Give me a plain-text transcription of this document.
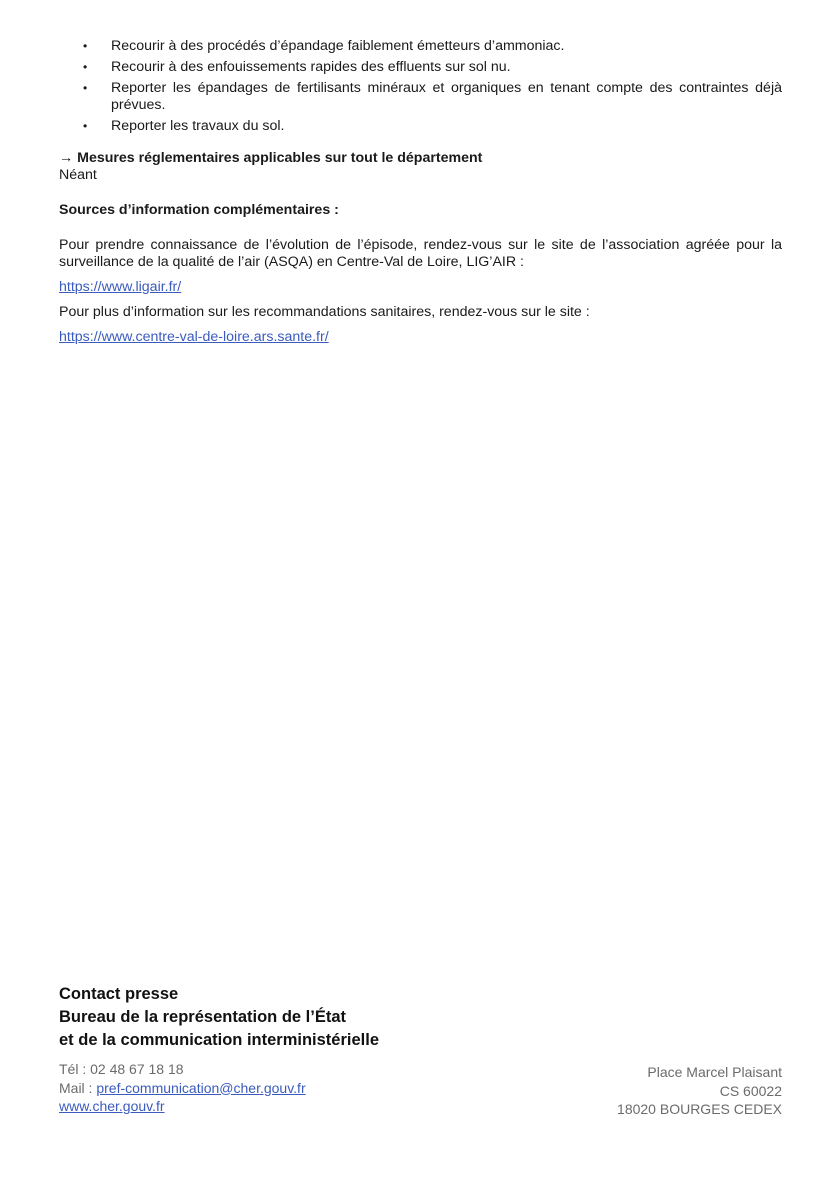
• Recourir à des procédés d’épandage faiblement émetteurs d’ammoniac.
• Recourir à des enfouissements rapides des effluents sur sol nu.
• Reporter les épandages de fertilisants minéraux et organiques en tenant compte des contraintes déjà prévues.
• Reporter les travaux du sol.
→ Mesures réglementaires applicables sur tout le département
Néant
Sources d’information complémentaires :
Pour prendre connaissance de l’évolution de l’épisode, rendez-vous sur le site de l’association agréée pour la surveillance de la qualité de l’air (ASQA) en Centre-Val de Loire, LIG’AIR :
https://www.ligair.fr/
Pour plus d’information sur les recommandations sanitaires, rendez-vous sur le site :
https://www.centre-val-de-loire.ars.sante.fr/
Contact presse
Bureau de la représentation de l’État
et de la communication interministérielle
Tél : 02 48 67 18 18
Mail : pref-communication@cher.gouv.fr
www.cher.gouv.fr
Place Marcel Plaisant
CS 60022
18020 BOURGES CEDEX
